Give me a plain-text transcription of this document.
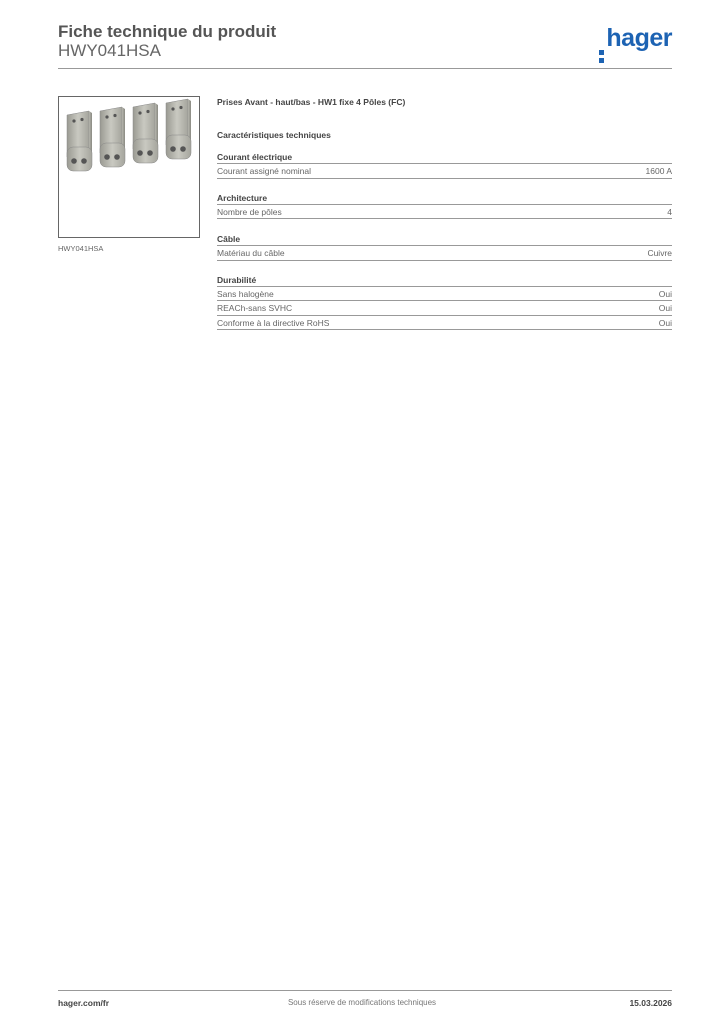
Fiche technique du produit
HWY041HSA	hager
HWY041HSA
Prises Avant - haut/bas - HW1 fixe 4 Pôles (FC)
Caractéristiques techniques
Courant électrique
Courant assigné nominal	1600 A
Architecture
Nombre de pôles	4
Câble
Matériau du câble	Cuivre
Durabilité
Sans halogène	Oui
REACh-sans SVHC	Oui
Conforme à la directive RoHS	Oui
hager.com/fr	Sous réserve de modifications techniques	15.03.2026
